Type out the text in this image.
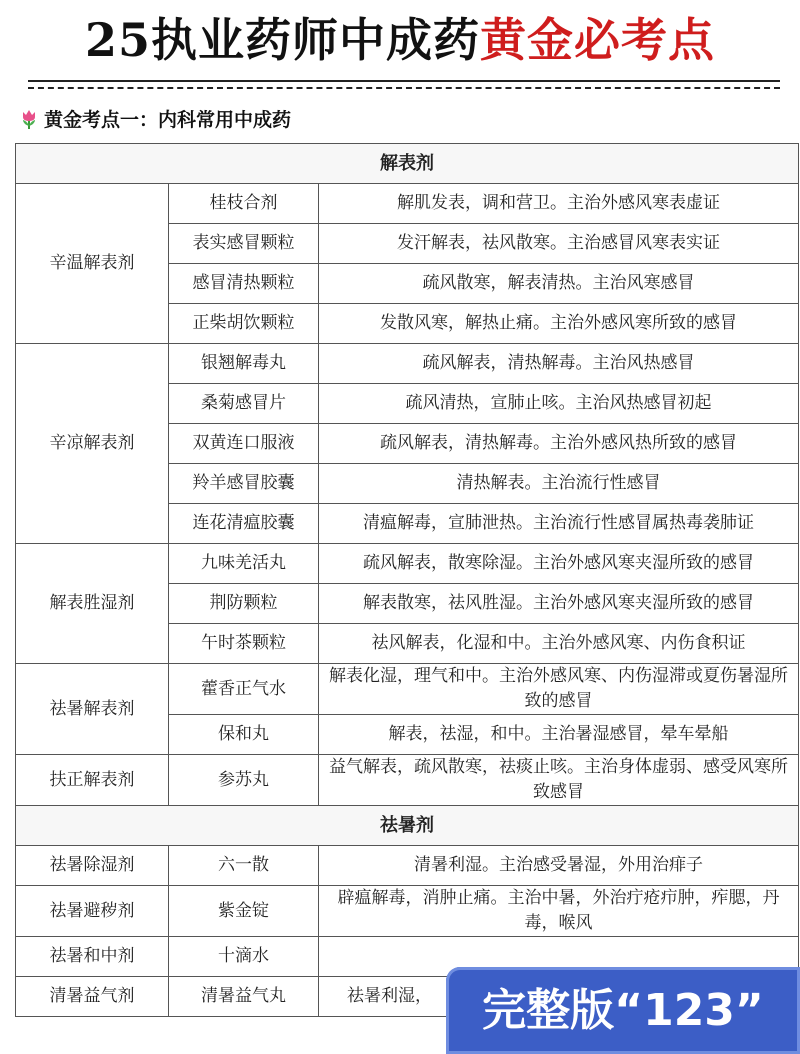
25执业药师中成药黄金必考点
黄金考点一：内科常用中成药
解表剂		
辛温解表剂	桂枝合剂	解肌发表，调和营卫。主治外感风寒表虚证
	表实感冒颗粒	发汗解表，祛风散寒。主治感冒风寒表实证
	感冒清热颗粒	疏风散寒，解表清热。主治风寒感冒
	正柴胡饮颗粒	发散风寒，解热止痛。主治外感风寒所致的感冒
辛凉解表剂	银翘解毒丸	疏风解表，清热解毒。主治风热感冒
	桑菊感冒片	疏风清热，宣肺止咳。主治风热感冒初起
	双黄连口服液	疏风解表，清热解毒。主治外感风热所致的感冒
	羚羊感冒胶囊	清热解表。主治流行性感冒
	连花清瘟胶囊	清瘟解毒，宣肺泄热。主治流行性感冒属热毒袭肺证
解表胜湿剂	九味羌活丸	疏风解表，散寒除湿。主治外感风寒夹湿所致的感冒
	荆防颗粒	解表散寒，祛风胜湿。主治外感风寒夹湿所致的感冒
	午时茶颗粒	祛风解表，化湿和中。主治外感风寒、内伤食积证
祛暑解表剂	藿香正气水	解表化湿，理气和中。主治外感风寒、内伤湿滞或夏伤暑湿所致的感冒
	保和丸	解表，祛湿，和中。主治暑湿感冒，晕车晕船
扶正解表剂	参苏丸	益气解表，疏风散寒，祛痰止咳。主治身体虚弱、感受风寒所致感冒
祛暑剂		
祛暑除湿剂	六一散	清暑利湿。主治感受暑湿，外用治痱子
祛暑避秽剂	紫金锭	辟瘟解毒，消肿止痛。主治中暑，外治疔疮疖肿，痄腮，丹毒，喉风
祛暑和中剂	十滴水	
清暑益气剂	清暑益气丸	祛暑利湿，	完整版“123”
